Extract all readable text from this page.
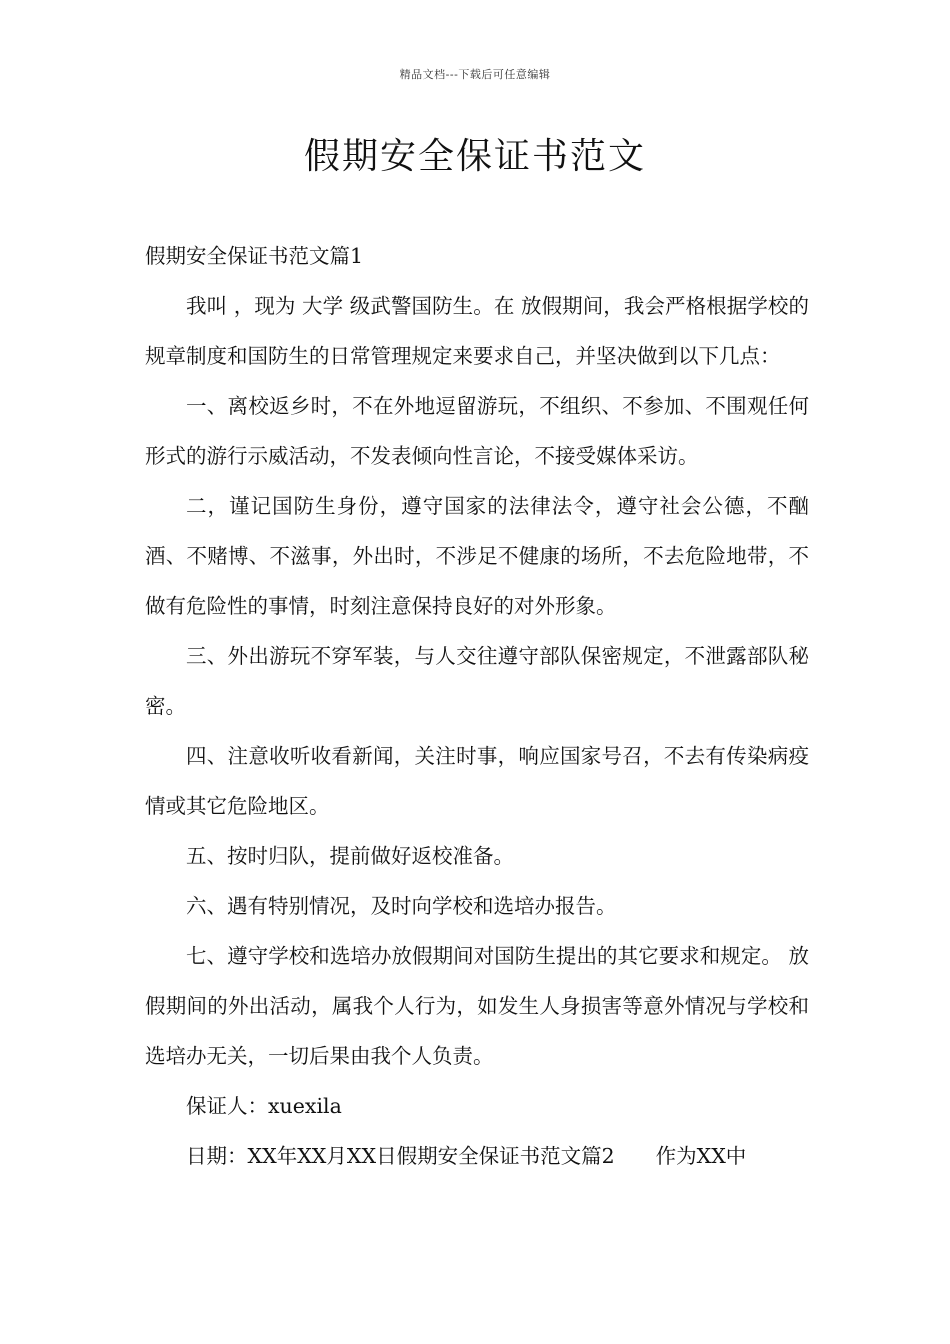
精品文档---下载后可任意编辑
假期安全保证书范文

假期安全保证书范文篇1

我叫 ，现为 大学 级武警国防生。在 放假期间，我会严格根据学校的规章制度和国防生的日常管理规定来要求自己，并坚决做到以下几点：

一、离校返乡时，不在外地逗留游玩，不组织、不参加、不围观任何形式的游行示威活动，不发表倾向性言论，不接受媒体采访。

二，谨记国防生身份，遵守国家的法律法令，遵守社会公德，不酗酒、不赌博、不滋事，外出时，不涉足不健康的场所，不去危险地带，不做有危险性的事情，时刻注意保持良好的对外形象。

三、外出游玩不穿军装，与人交往遵守部队保密规定，不泄露部队秘密。

四、注意收听收看新闻，关注时事，响应国家号召，不去有传染病疫情或其它危险地区。

五、按时归队，提前做好返校准备。

六、遇有特别情况，及时向学校和选培办报告。

七、遵守学校和选培办放假期间对国防生提出的其它要求和规定。 放假期间的外出活动，属我个人行为，如发生人身损害等意外情况与学校和选培办无关，一切后果由我个人负责。

保证人：xuexila

日期：XX年XX月XX日假期安全保证书范文篇2　　作为XX中
